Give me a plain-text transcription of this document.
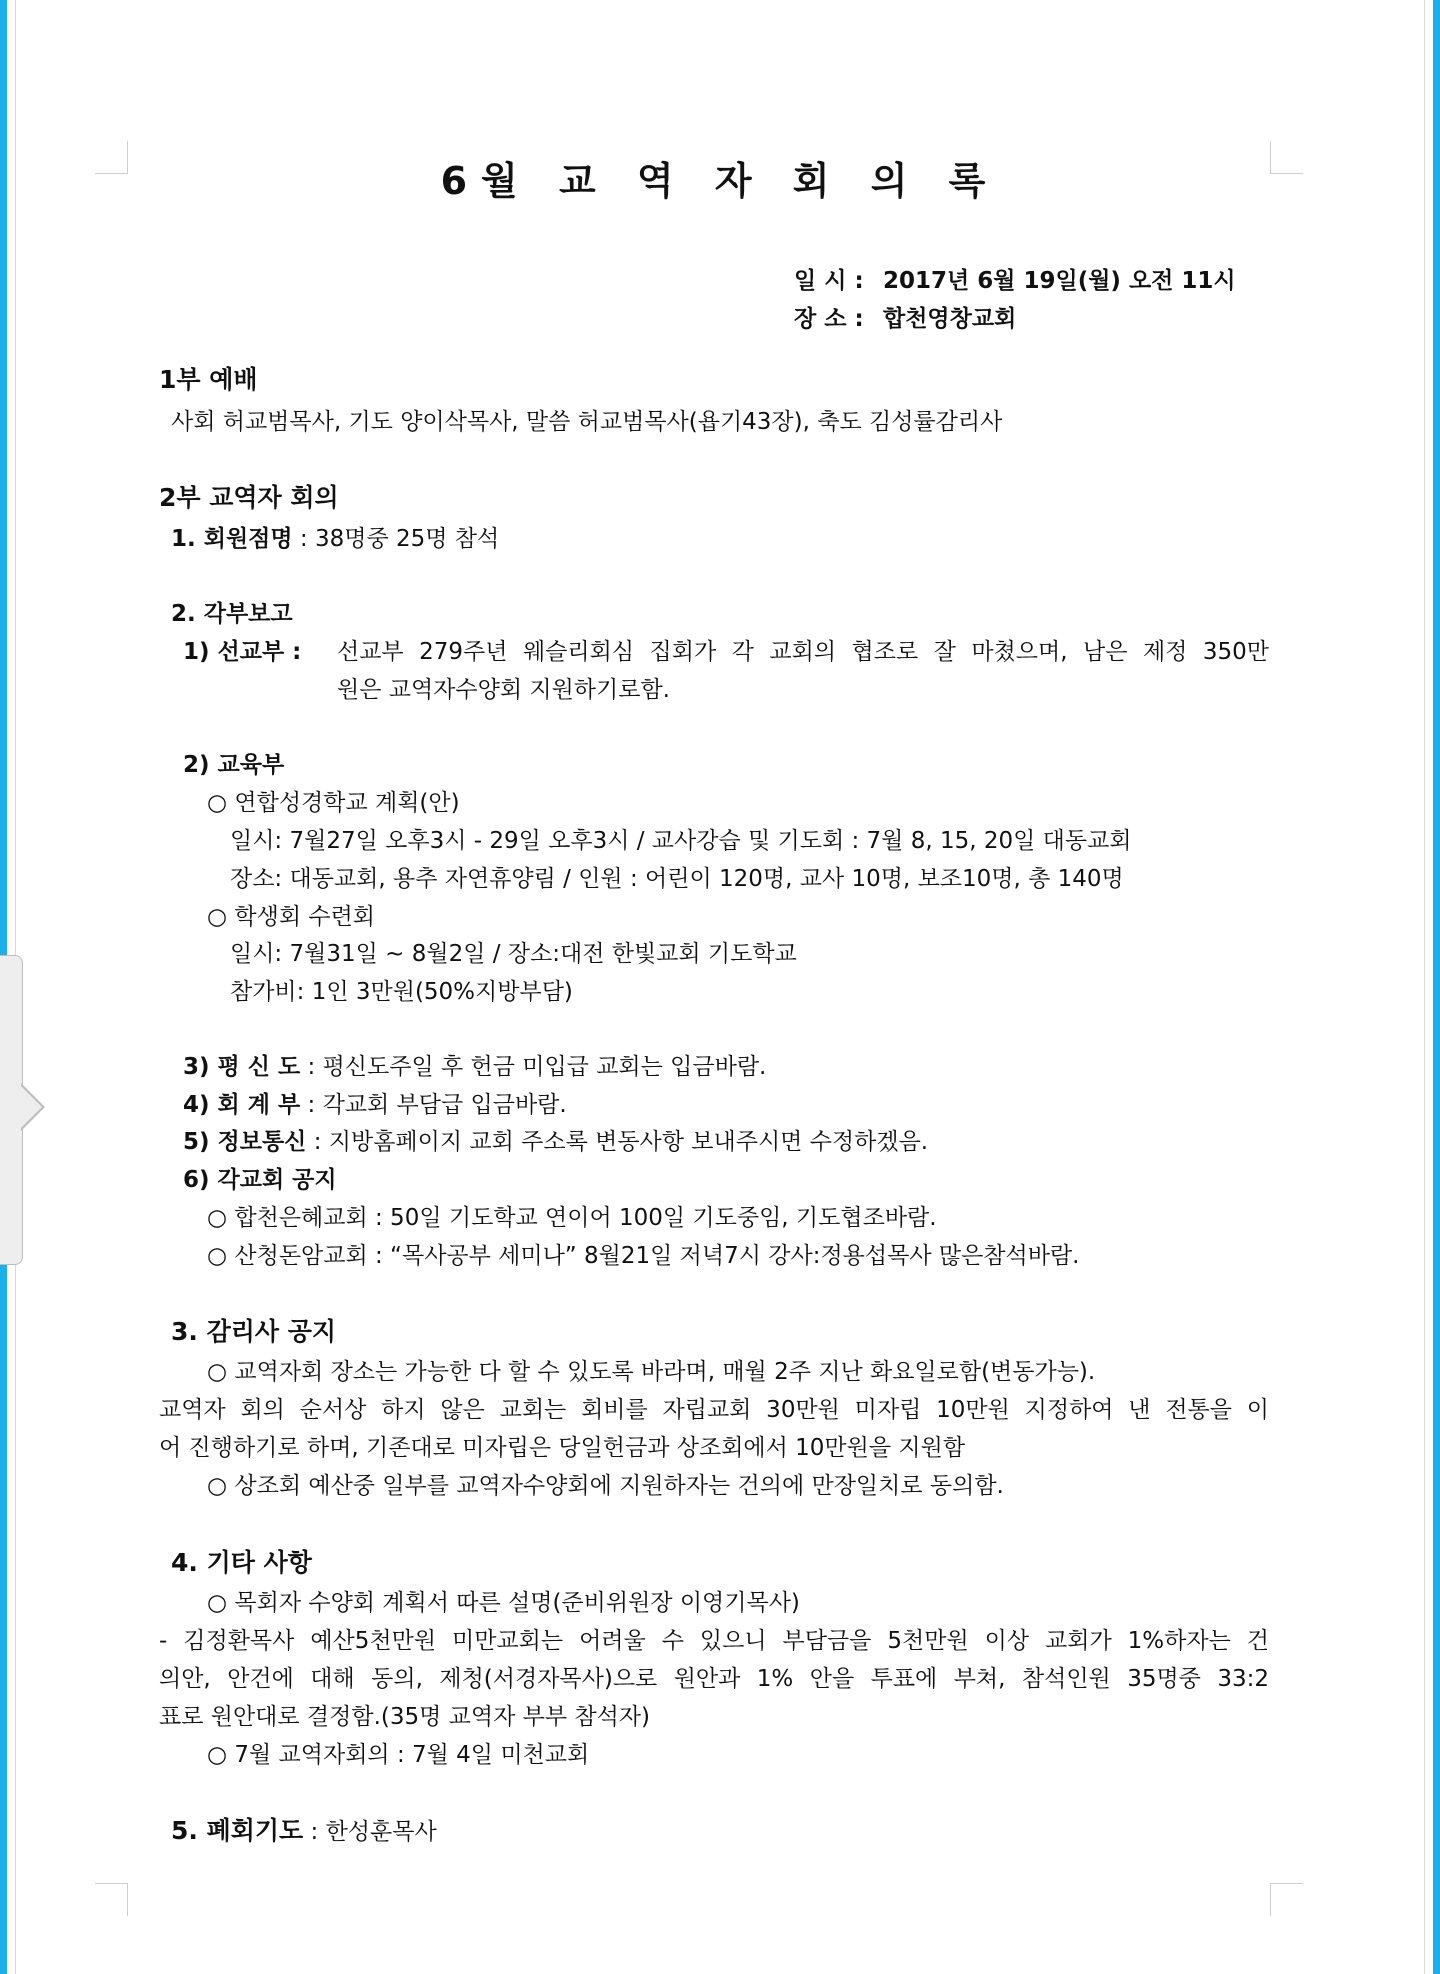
6월 교 역 자 회 의 록
일 시 : 2017년 6월 19일(월) 오전 11시
장 소 : 합천영창교회
1부 예배
사회 허교범목사, 기도 양이삭목사, 말씀 허교범목사(욥기43장), 축도 김성률감리사
2부 교역자 회의
1. 회원점명 : 38명중 25명 참석
2. 각부보고
1) 선교부 : 선교부 279주년 웨슬리회심 집회가 각 교회의 협조로 잘 마쳤으며, 남은 제정 350만
원은 교역자수양회 지원하기로함.
2) 교육부
○ 연합성경학교 계획(안)
일시: 7월27일 오후3시 - 29일 오후3시 / 교사강습 및 기도회 : 7월 8, 15, 20일 대동교회
장소: 대동교회, 용추 자연휴양림 / 인원 : 어린이 120명, 교사 10명, 보조10명, 총 140명
○ 학생회 수련회
일시: 7월31일 ~ 8월2일 / 장소:대전 한빛교회 기도학교
참가비: 1인 3만원(50%지방부담)
3) 평 신 도 : 평신도주일 후 헌금 미입급 교회는 입금바람.
4) 회 계 부 : 각교회 부담급 입금바람.
5) 정보통신 : 지방홈페이지 교회 주소록 변동사항 보내주시면 수정하겠음.
6) 각교회 공지
○ 합천은혜교회 : 50일 기도학교 연이어 100일 기도중임, 기도협조바람.
○ 산청돈암교회 : “목사공부 세미나” 8월21일 저녁7시 강사:정용섭목사 많은참석바람.
3. 감리사 공지
○ 교역자회 장소는 가능한 다 할 수 있도록 바라며, 매월 2주 지난 화요일로함(변동가능).
교역자 회의 순서상 하지 않은 교회는 회비를 자립교회 30만원 미자립 10만원 지정하여 낸 전통을 이
어 진행하기로 하며, 기존대로 미자립은 당일헌금과 상조회에서 10만원을 지원함
○ 상조회 예산중 일부를 교역자수양회에 지원하자는 건의에 만장일치로 동의함.
4. 기타 사항
○ 목회자 수양회 계획서 따른 설명(준비위원장 이영기목사)
- 김정환목사 예산5천만원 미만교회는 어려울 수 있으니 부담금을 5천만원 이상 교회가 1%하자는 건
의안, 안건에 대해 동의, 제청(서경자목사)으로 원안과 1% 안을 투표에 부쳐, 참석인원 35명중 33:2
표로 원안대로 결정함.(35명 교역자 부부 참석자)
○ 7월 교역자회의 : 7월 4일 미천교회
5. 폐회기도 : 한성훈목사
